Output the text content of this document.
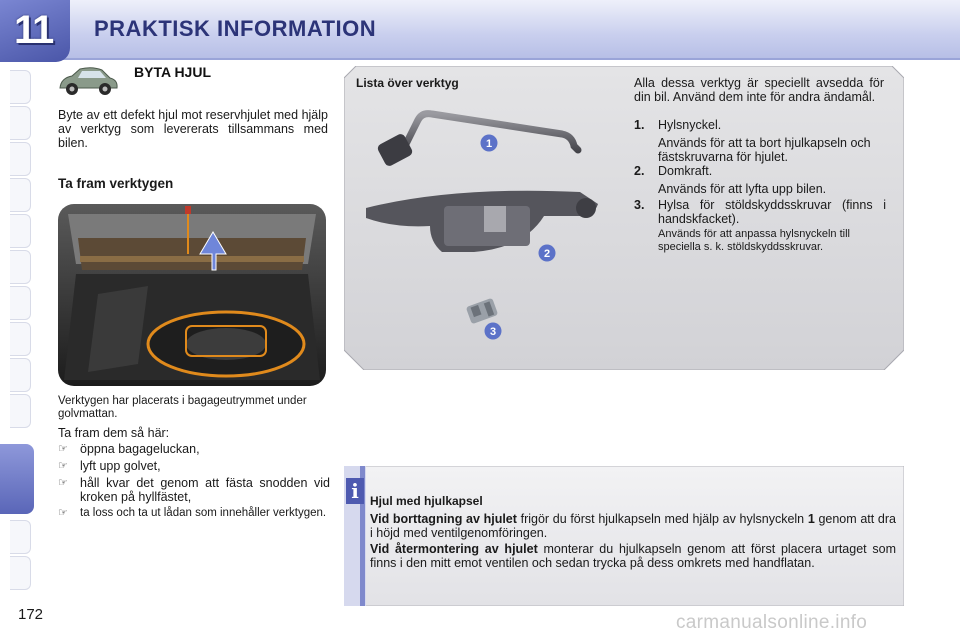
11 PRAKTISK INFORMATION
BYTA HJUL
Byte av ett defekt hjul mot reservhjulet med hjälp av verktyg som levererats tillsammans med bilen.
Ta fram verktygen
Verktygen har placerats i bagageutrymmet under golvmattan.
Ta fram dem så här:
☞ öppna bagageluckan,
☞ lyft upp golvet,
☞ håll kvar det genom att fästa snodden vid kroken på hyllfästet,
☞ ta loss och ta ut lådan som innehåller verktygen.
1
2
3
Lista över verktyg	Alla dessa verktyg är speciellt avsedda för din bil. Använd dem inte för andra ändamål.
1. Hylsnyckel.
Används för att ta bort hjulkapseln och fästskruvarna för hjulet.
2. Domkraft.
Används för att lyfta upp bilen.
3. Hylsa för stöldskyddsskruvar (finns i handskfacket).
Används för att anpassa hylsnyckeln till speciella s. k. stöldskyddsskruvar.
i Hjul med hjulkapsel
Vid borttagning av hjulet frigör du först hjulkapseln med hjälp av hylsnyckeln 1 genom att dra i höjd med ventilgenomföringen.
Vid återmontering av hjulet monterar du hjulkapseln genom att först placera urtaget som finns i den mitt emot ventilen och sedan trycka på dess omkrets med handflatan.
172	carmanualsonline.info
